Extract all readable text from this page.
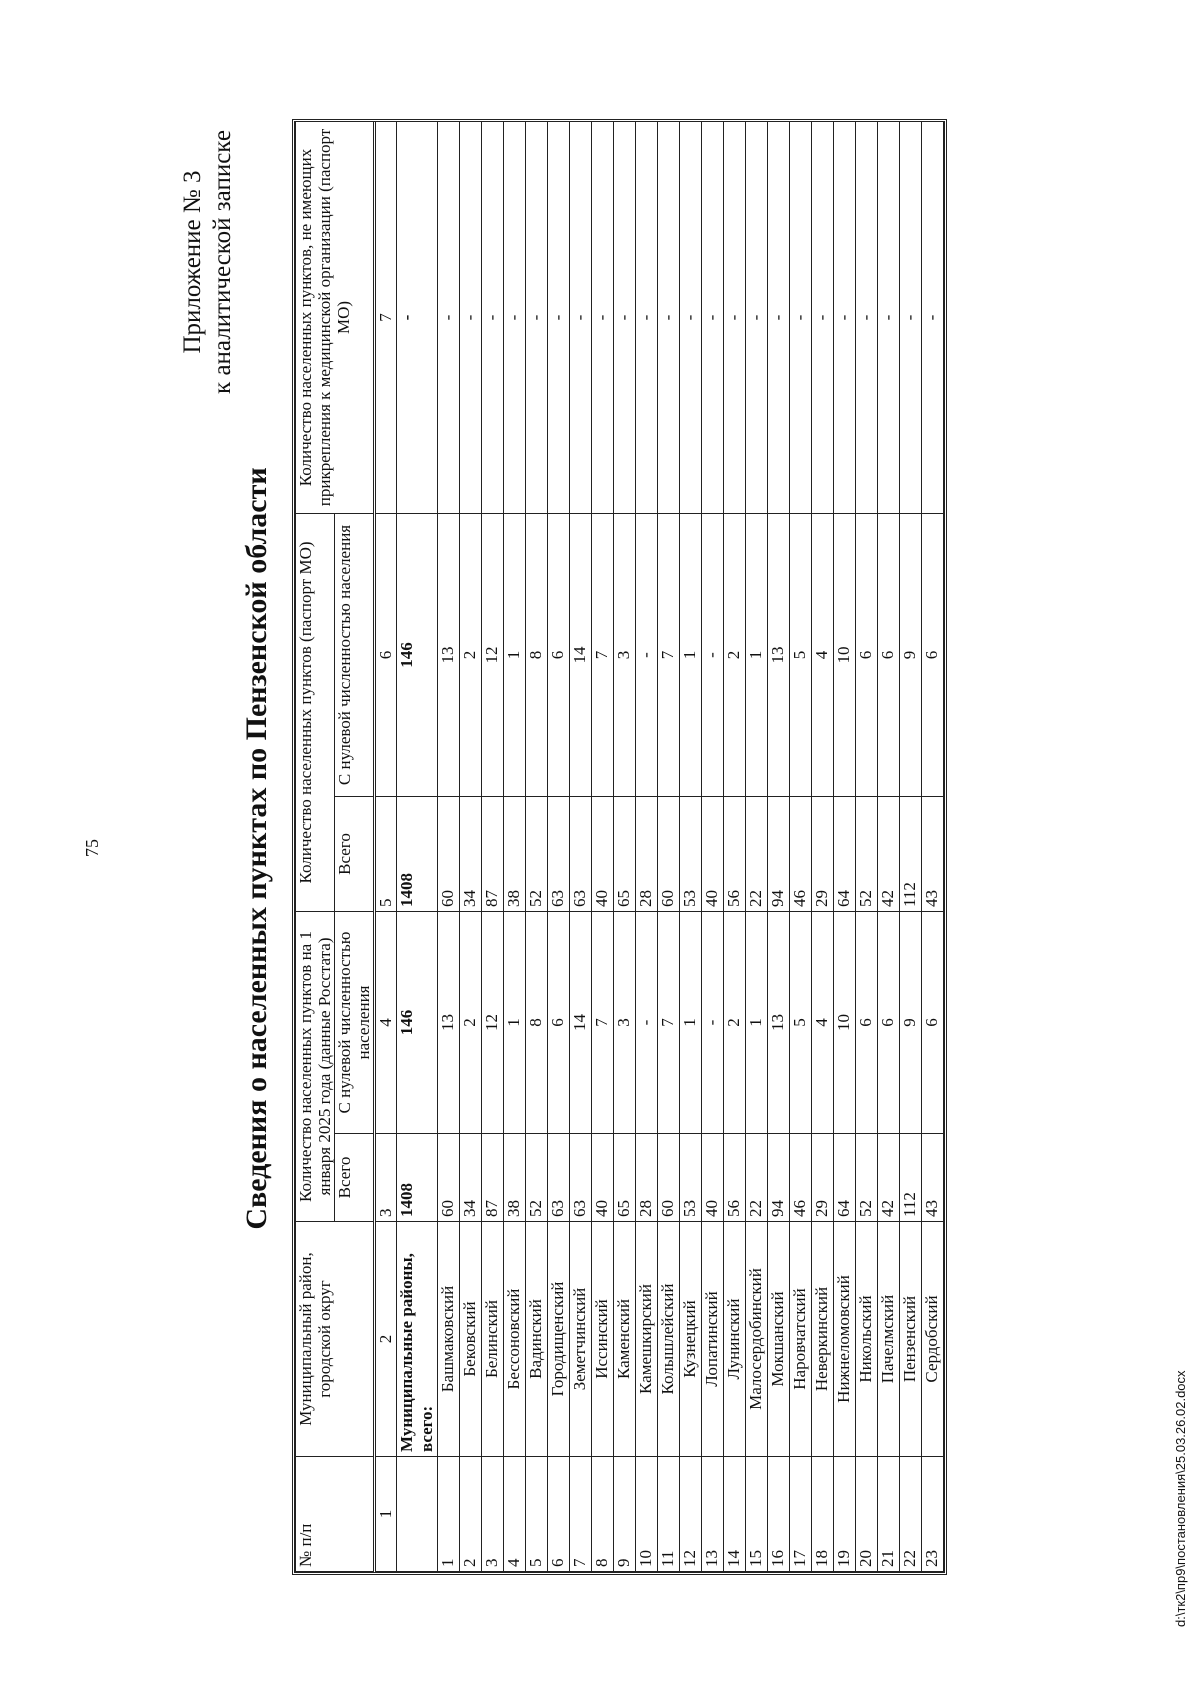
75
Приложение № 3 к аналитической записке
Сведения о населенных пунктах по Пензенской области
№ п/п	Муниципальный район, городской округ	Количество населенных пунктов на 1 января 2025 года (данные Росстата)		Количество населенных пунктов (паспорт МО)		Количество населенных пунктов, не имеющих прикрепления к медицинской организации (паспорт МО)
		Всего	С нулевой численностью населения	Всего	С нулевой численностью населения	
1	2	3	4	5	6	7
	Муниципальные районы, всего:	1408	146	1408	146	-
1	Башмаковский	60	13	60	13	-
2	Бековский	34	2	34	2	-
3	Белинский	87	12	87	12	-
4	Бессоновский	38	1	38	1	-
5	Вадинский	52	8	52	8	-
6	Городищенский	63	6	63	6	-
7	Земетчинский	63	14	63	14	-
8	Иссинский	40	7	40	7	-
9	Каменский	65	3	65	3	-
10	Камешкирский	28	-	28	-	-
11	Колышлейский	60	7	60	7	-
12	Кузнецкий	53	1	53	1	-
13	Лопатинский	40	-	40	-	-
14	Лунинский	56	2	56	2	-
15	Малосердобинский	22	1	22	1	-
16	Мокшанский	94	13	94	13	-
17	Наровчатский	46	5	46	5	-
18	Неверкинский	29	4	29	4	-
19	Нижнеломовский	64	10	64	10	-
20	Никольский	52	6	52	6	-
21	Пачелмский	42	6	42	6	-
22	Пензенский	112	9	112	9	-
23	Сердобский	43	6	43	6	-
d:\тк2\пр9\постановления\25.03.26.02.docx
